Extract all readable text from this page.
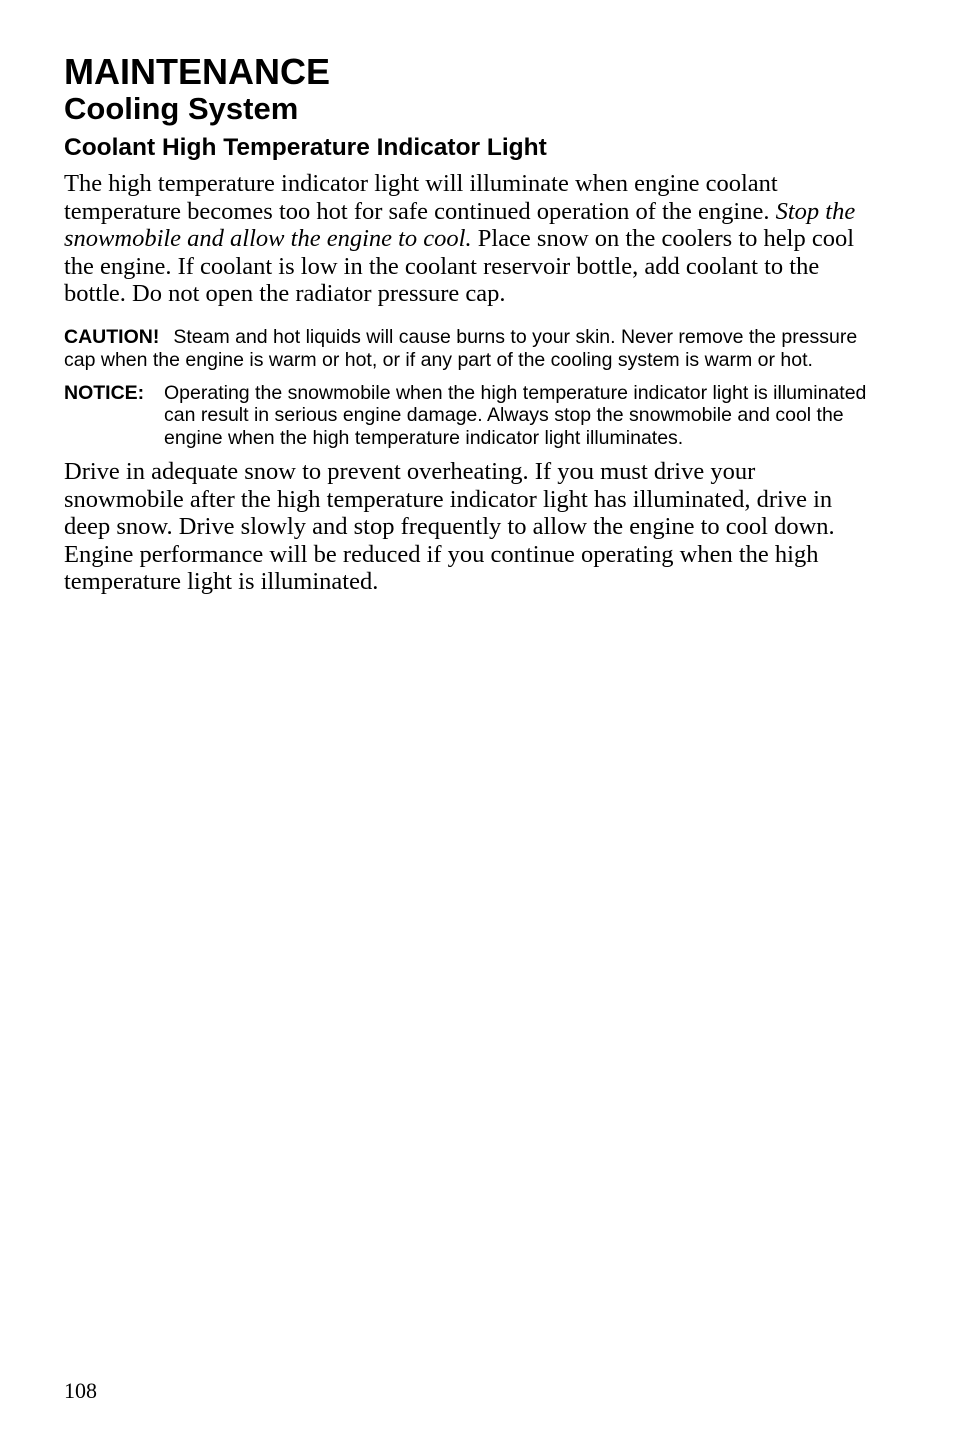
MAINTENANCE
Cooling System
Coolant High Temperature Indicator Light

The high temperature indicator light will illuminate when engine coolant temperature becomes too hot for safe continued operation of the engine. Stop the snowmobile and allow the engine to cool. Place snow on the coolers to help cool the engine. If coolant is low in the coolant reservoir bottle, add coolant to the bottle. Do not open the radiator pressure cap.

CAUTION! Steam and hot liquids will cause burns to your skin. Never remove the pressure cap when the engine is warm or hot, or if any part of the cooling system is warm or hot.

NOTICE:	Operating the snowmobile when the high temperature indicator light is illuminated can result in serious engine damage. Always stop the snowmobile and cool the engine when the high temperature indicator light illuminates.

Drive in adequate snow to prevent overheating. If you must drive your snowmobile after the high temperature indicator light has illuminated, drive in deep snow. Drive slowly and stop frequently to allow the engine to cool down. Engine performance will be reduced if you continue operating when the high temperature light is illuminated.

108
